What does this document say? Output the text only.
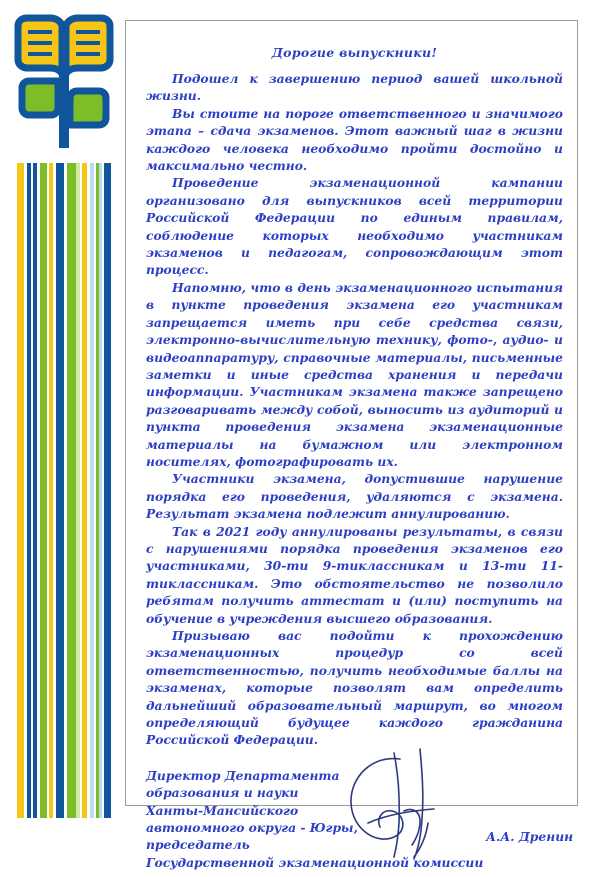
Дорогие выпускники!

Подошел к завершению период вашей школьной жизни.

Вы стоите на пороге ответственного и значимого этапа – сдача экзаменов. Этот важный шаг в жизни каждого человека необходимо пройти достойно и максимально честно.

Проведение экзаменационной кампании организовано для выпускников всей территории Российской Федерации по единым правилам, соблюдение которых необходимо участникам экзаменов и педагогам, сопровождающим этот процесс.

Напомню, что в день экзаменационного испытания в пункте проведения экзамена его участникам запрещается иметь при себе средства связи, электронно-вычислительную технику, фото-, аудио- и видеоаппаратуру, справочные материалы, письменные заметки и иные средства хранения и передачи информации. Участникам экзамена также запрещено разговаривать между собой, выносить из аудиторий и пункта проведения экзамена экзаменационные материалы на бумажном или электронном носителях, фотографировать их.

Участники экзамена, допустившие нарушение порядка его проведения, удаляются с экзамена. Результат экзамена подлежит аннулированию.

Так в 2021 году аннулированы результаты, в связи с нарушениями порядка проведения экзаменов его участниками, 30-ти 9-тиклассникам и 13-ти 11-тиклассникам. Это обстоятельство не позволило ребятам получить аттестат и (или) поступить на обучение в учреждения высшего образования.

Призываю вас подойти к прохождению экзаменационных процедур со всей ответственностью, получить необходимые баллы на экзаменах, которые позволят вам определить дальнейший образовательный маршрут, во многом определяющий будущее каждого гражданина Российской Федерации.

Директор Департамента
образования и науки
Ханты-Мансийского
автономного округа - Югры,
председатель
Государственной экзаменационной комиссии
А.А. Дренин
